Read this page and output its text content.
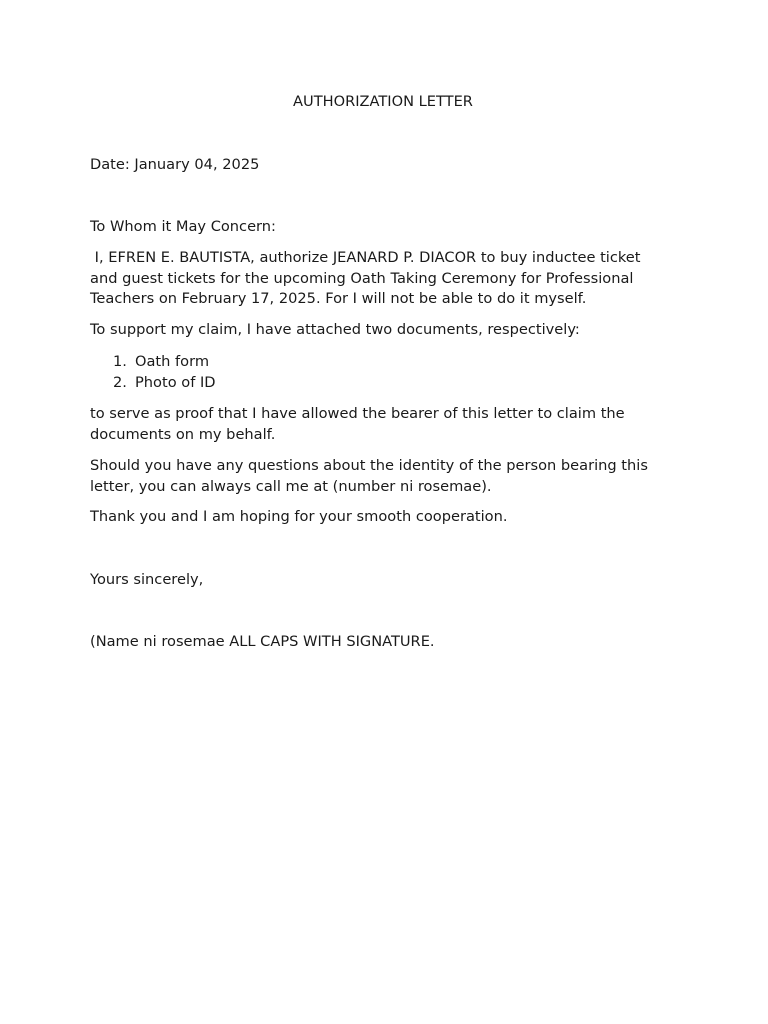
AUTHORIZATION LETTER

Date: January 04, 2025

To Whom it May Concern:

I, EFREN E. BAUTISTA, authorize JEANARD P. DIACOR to buy inductee ticket

and guest tickets for the upcoming Oath Taking Ceremony for Professional

Teachers on February 17, 2025. For I will not be able to do it myself.

To support my claim, I have attached two documents, respectively:

1. Oath form
2. Photo of ID

to serve as proof that I have allowed the bearer of this letter to claim the

documents on my behalf.

Should you have any questions about the identity of the person bearing this

letter, you can always call me at (number ni rosemae).

Thank you and I am hoping for your smooth cooperation.

Yours sincerely,

(Name ni rosemae ALL CAPS WITH SIGNATURE.
